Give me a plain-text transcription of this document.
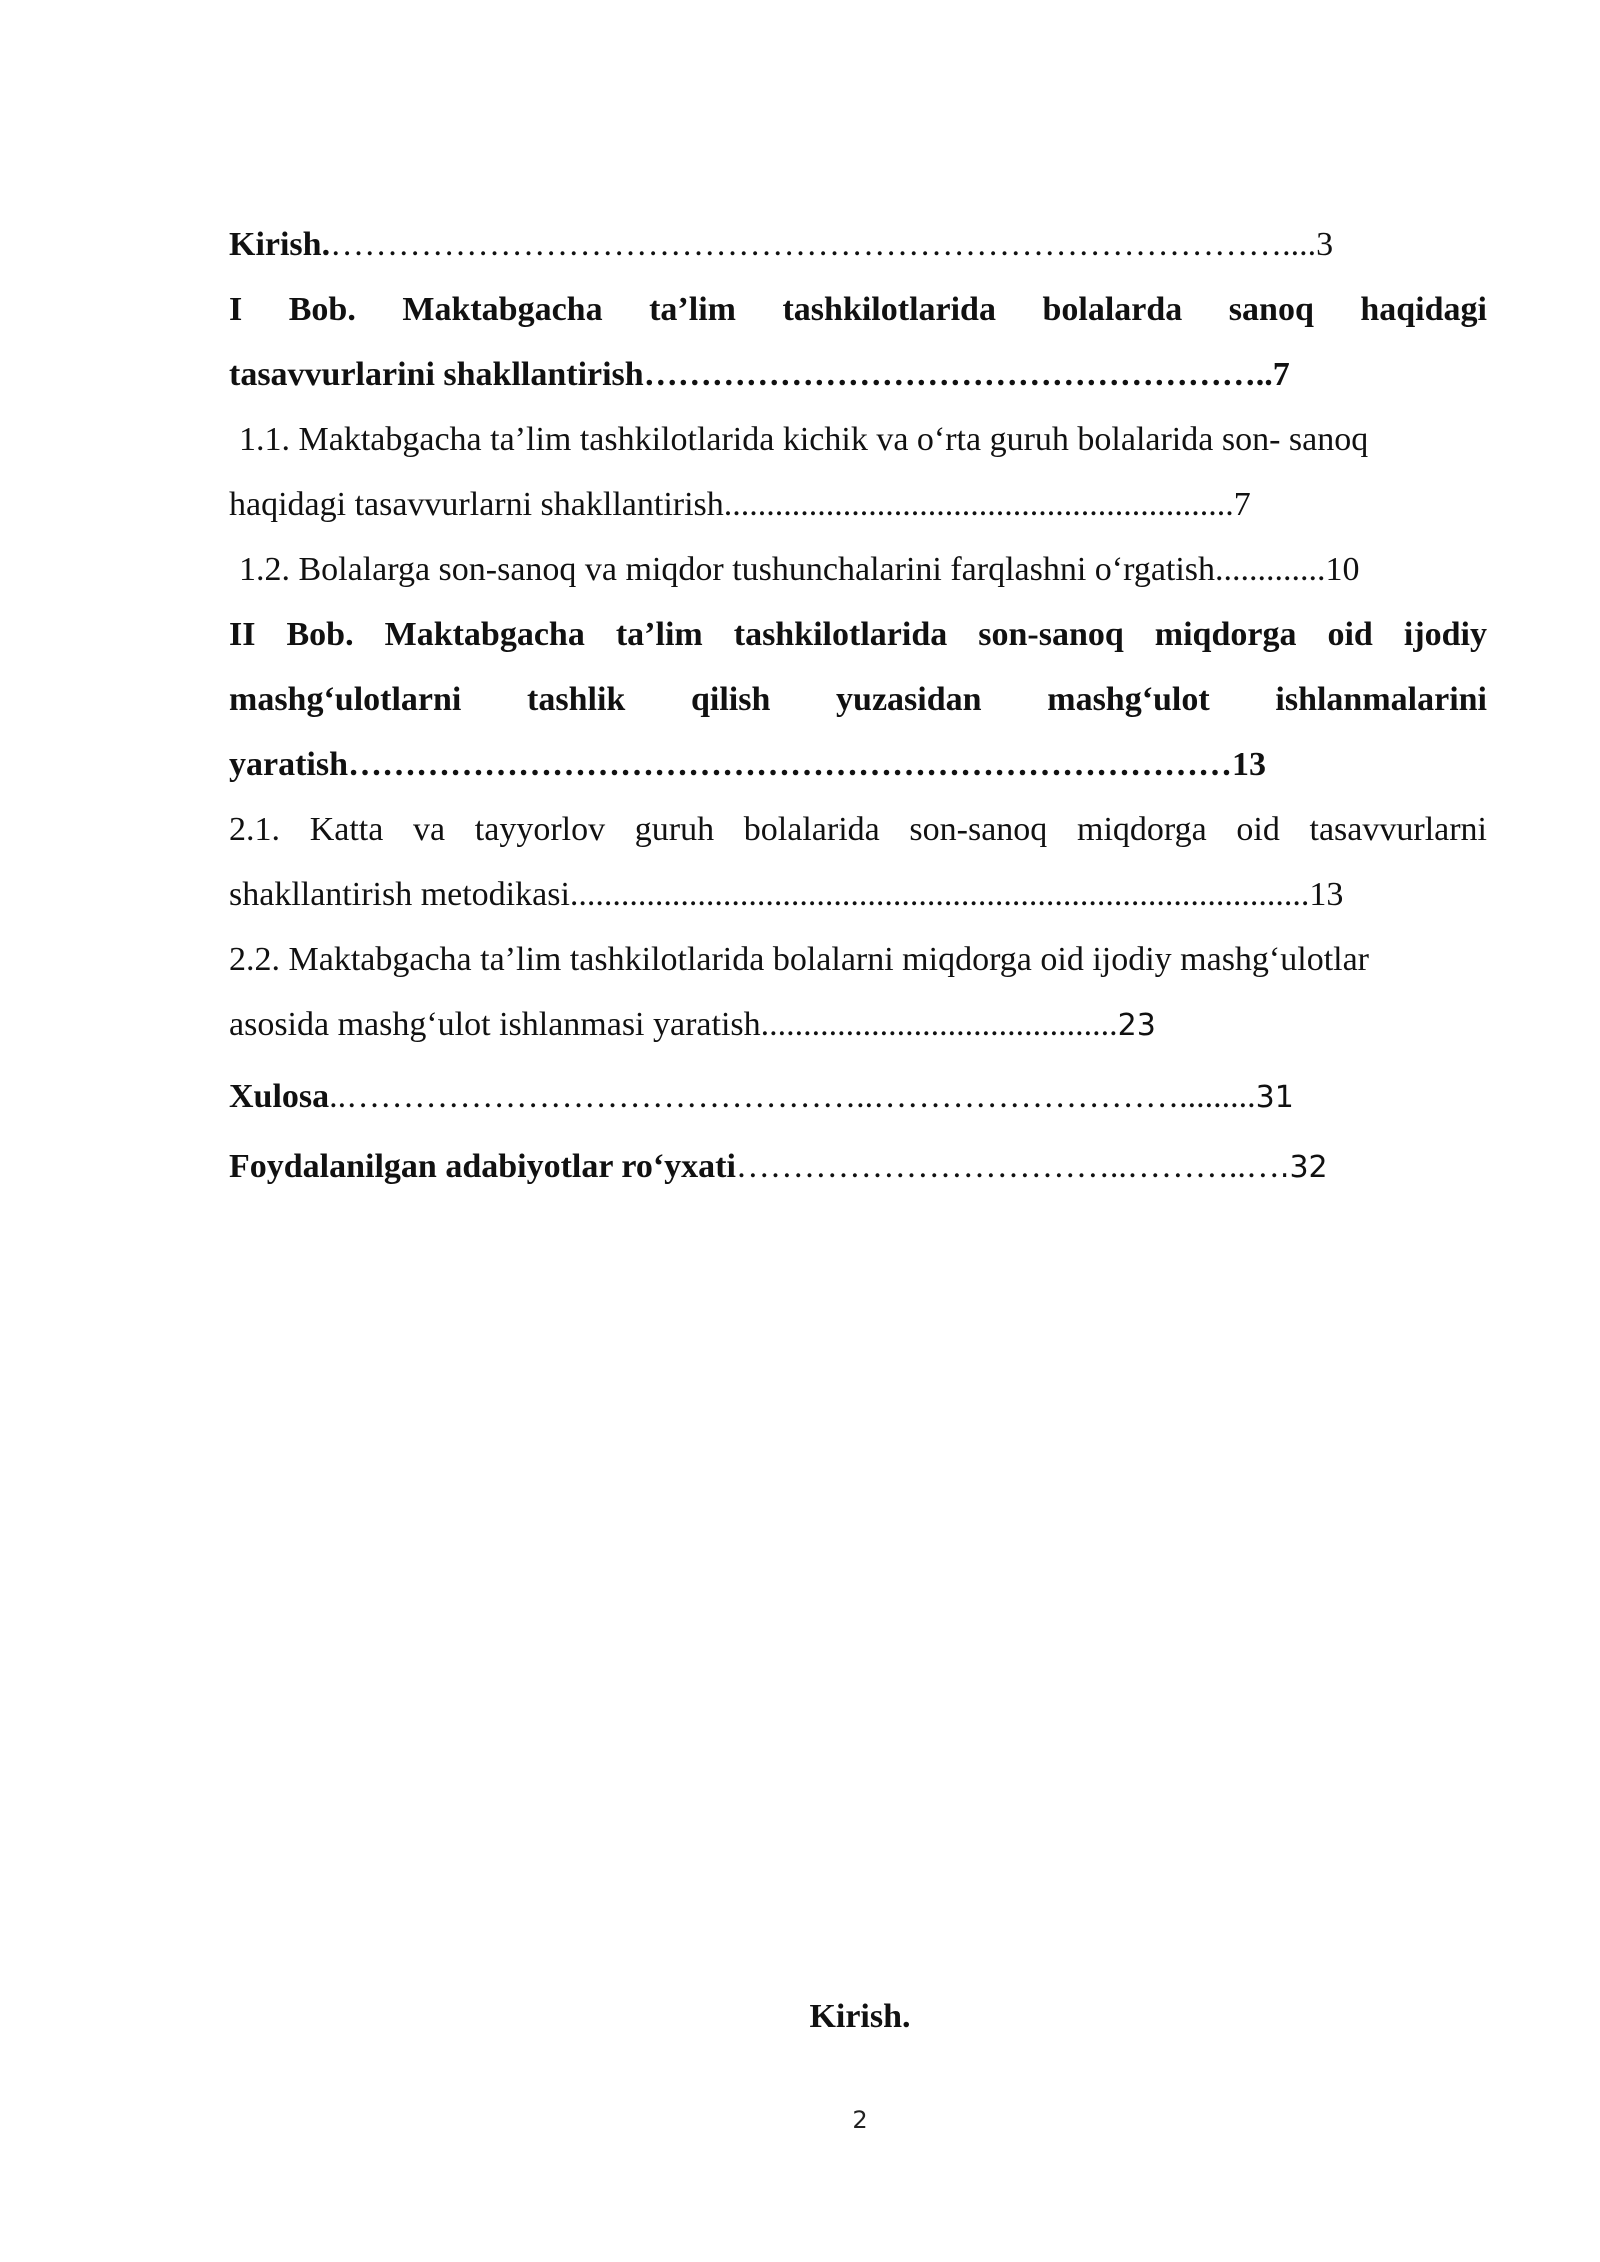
Kirish.…………………………………………………………………………....3
I Bob. Maktabgacha ta’lim tashkilotlarida bolalarda sanoq haqidagi
tasavvurlarini shakllantirish………………………………………………..7
1.1. Maktabgacha ta’lim tashkilotlarida kichik va o‘rta guruh bolalarida son- sanoq
haqidagi tasavvurlarni shakllantirish............................................................7
1.2. Bolalarga son-sanoq va miqdor tushunchalarini farqlashni o‘rgatish.............10
II Bob. Maktabgacha ta’lim tashkilotlarida son-sanoq miqdorga oid ijodiy
mashg‘ulotlarni tashlik qilish yuzasidan mashg‘ulot ishlanmalarini
yaratish……………………………………………………………………13
2.1. Katta va tayyorlov guruh bolalarida son-sanoq miqdorga oid tasavvurlarni
shakllantirish metodikasi.......................................................................................13
2.2. Maktabgacha ta’lim tashkilotlarida bolalarni miqdorga oid ijodiy mashg‘ulotlar
asosida mashg‘ulot ishlanmasi yaratish..........................................23
Xulosa..………………………………………..……………………….........31
Foydalanilgan adabiyotlar ro‘yxati……………………………..………..….32
Kirish.
2
